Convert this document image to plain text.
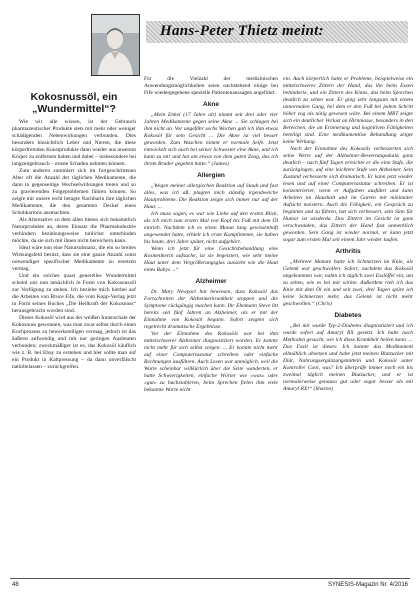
Hans-Peter Thietz meint:
Kokosnussöl, ein „Wundermittel“?

Wie wir alle wissen, ist der Gebrauch pharmazeutischer Produkte stets mit mehr oder weniger schädigenden Nebenwirkungen verbunden. Dies besonders hinsichtlich Leber und Nieren, die diese körperfremden Kunstprodukte dann wieder aus unserem Körper zu entfernen haben und dabei – insbesondere bei langzeitgebrauch – ernste Schaden nehmen können.

Zum anderen summiert sich im fortgeschrittenen Alter oft die Anzahl der täglichen Medikamente, die dann in gegenseitige Wechselwirkungen treten und so zu gravierenden Folgeproblemen führen können. So zeigte mir unsere recht betagte Nachbarin ihre täglichen Medikamente, die den gesamten Deckel eines Schuhkartons ausmachten.

Als Alternative zu dem allen bieten sich bekanntlich Naturprodukte an, deren Einsatz die Pharmaindustrie verhindern beziehungsweise tunlichst unterbinden möchte, da sie sich mit ihnen nicht bereichern kann.

Ideal wäre nun eine Natursubstanz, die ein so breites Wirkungsfeld besitzt, dass sie eine ganze Anzahl sonst notwendiger spezifischer Medikamente zu ersetzen vermag.

Und ein solches quasi generelles Wundermittel scheint uns nun tatsächlich in Form von Kokosnussöl zur Verfügung zu stehen. Ich beziehe mich hierbei auf die Arbeiten von Bruce Fife, die vom Kopp-Verlag jetzt in Form seines Buches „Die Heilkraft der Kokosnuss“ herausgebracht worden sind.

Dieses Kokosöl wird aus der weißen Innenschale der Kokosnuss gewonnen, was man zwar selbst durch einen Kochprozess zu bewerkstelligen vermag, jedoch ist das äußerst aufwendig und mit nur geringen Ausbeuten verbunden; zweckmäßiger ist es, das Kokosöl käuflich wie z. B. bei Ebay zu erstehen und hier sollte man auf ein Produkt in Kaltpressung – da dann unverfälscht natürbelassen – zurückgreifen.

Für die Vielzahl der medizinischen Anwendungsmöglichkeiten seien nachstehend einige bei Fife wiedergegebene spezielle Patientenaussagen angeführt.

Akne

„Mein Enkel (17 Jahre alt) nimmt seit drei oder vier Jahren Medikamente gegen seine Akne ... Sie schlugen bei ihm nicht an. Vor ungefähr sechs Wochen gab ich ihm etwas Kokosöl für sein Gesicht ... Die Akne ist viel besser geworden. Zum Waschen nimmt er normale Seife. Jetzt entwickelt sich auch bei seiner Schwester eine Akne, und ich kann zu mir und hat am etwas von dem guten Zeug, das ich ihrem Bruder gegeben hatte.“ (James)

Allergien

„Wegen meiner allergischen Reaktion auf Staub und fast alles, was ich aß, plagten mich ständig irgendwelche Hautprobleme. Die Reaktion zeigte sich immer nur auf der Haut. ...

Ich muss sagen, es war wie Liebe auf den ersten Blick, als ich mich zum ersten Mal von Kopf bis Fuß mit dem Öl einrieb. Nachdem ich es einen Monat lang gewissenhaft angewendet hatte, erhielt ich erste Komplimente, sie haben bis heute, drei Jahre später, nicht aufgehört.

Wenn ich jetzt für eine Gesichtsbehandlung eine Kosmetikerin aufsuche, ist sie begeistert, wie sehr meine Haut unter dem Vergrößerungsglas aussieht wie die Haut eines Babys ...“

Alzheimer

Dr. Mary Newport hat bewiesen, dass Kokosöl das Fortschreiten der Alzheimerkrankheit stoppen und die Symptome rückgängig machen kann. Ihr Ehemann Steve litt bereits seit fünf Jahren an Alzheimer, als er mit der Einnahme von Kokosöl begann. Sofort zeigten sich regelrecht dramatische Ergebnisse.

Vor der Einnahme des Kokosöls war bei ihm mittelschwerer Alzheimer diagnostiziert worden. Er konnte nicht mehr für sich selbst sorgen. ... Er konnte nicht mehr auf einer Computertastatur schreiben oder einfache Rechnungen ausführen. Auch Lesen war unmöglich, weil die Worte scheinbar willkürlich über die Seite wanderten, er hatte Schwierigkeiten, einfache Wörter wie «was» oder «gut» zu buchstabieren, beim Sprechen fielen ihm viele bekannte Worte nicht

ein. Auch körperlich hatte er Probleme, beispielweise ein mittelschweres Zittern der Hand, das ihn beim Essen behinderte, und ein Zittern des Kinns, das beim Sprechen deutlich zu sehen war. Er ging sehr langsam mit einem unnormalen Gang, bei dem er den Fuß bei jedem Schritt höher zog als nötig gewesen wäre. Bei einem MRT zeigte sich ein deutlicher Verlust an Hirnmasse, besonders in den Bereichen, die an Erinnerung und kognitiven Fähigkeiten beteiligt sind. Eine medikamentöse Behandlung zeigte keine Wirkung.

Nach der Einnahme des Kokosöls verbesserten sich seine Werte auf der Alzheimer-Bewertungsskala ganz deutlich – nach fünf Tagen erreichte er die eine Stufe, die zurückgingen, auf eine leichtere Stufe von Alzheimer. Sein Zustand verbesserte sich dramatisch. Er kann jetzt wieder lesen und auf einer Computertastatur schreiben. Er ist konzentrierter, wenn er Aufgaben ausführt und kann Arbeiten im Haushalt und im Garten mit minimaler Aufsicht meistern. Auch die Fähigkeit, ein Gespräch zu beginnen und zu führen, hat sich verbessert, sein Sinn für Humor ist wiederda. Das Zittern im Gesicht ist ganz verschwunden, das Zittern der Hand fast unmerklich geworden. Sein Gang ist wieder normal, er kann jetzt sogar zum ersten Mal seit einem Jahr wieder laufen.

Arthritis

„Mehrere Monate hatte ich Schmerzen im Knie, als Gelenk war geschwollen. Sofort, nachdem das Kokosöl angekommen war, nahm ich täglich zwei Esslöffel ein, um zu sehen, wie es bei mir wirkte. Außerdem rieb ich das Knie mit dem Öl ein und seit zwei, drei Tagen spüre ich keine Schmerzen mehr, das Gelenk ist nicht mehr geschwollen.“ (Chris)

Diabetes

„Bei mir wurde Typ-2-Diabetes diagnostiziert und ich wurde sofort auf Amaryl RX gesetzt. Ich habe nach Methoden gesucht, wie ich diese Krankheit heilen kann. ... Das Fazit ist dieses: Ich konnte das Medikament allmählich absetzen und habe jetzt meinen Blutzucker mit Diät, Nahrungsergänzungsmitteln und Kokosöl unter Kontrolle! Cool, was? Ich überprüfe immer noch ein bis zweimal täglich meinen Blutzucker, und er ist normalerweise genauso gut oder sogar besser als mit Amaryl RX!“ (Sharon)

48	SYNESIS-Magazin Nr. 4/2016
